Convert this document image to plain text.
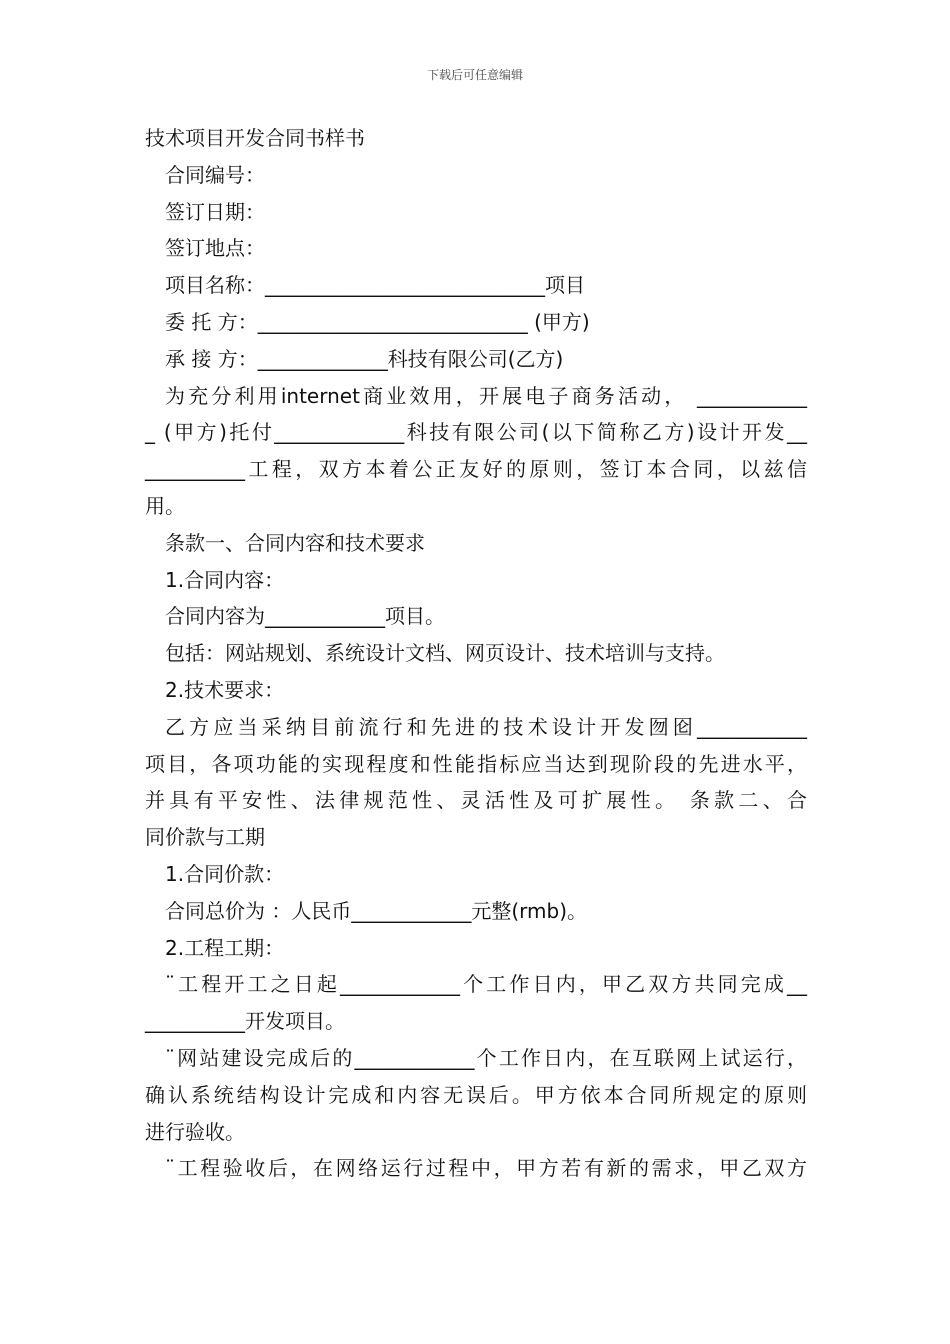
下载后可任意编辑
技术项目开发合同书样书
合同编号：
签订日期：
签订地点：
项目名称：____________________________项目
委 托 方：___________________________ (甲方)
承 接 方：_____________科技有限公司(乙方)
为充分利用internet商业效用，开展电子商务活动， ___________
_ (甲方)托付_____________科技有限公司(以下简称乙方)设计开发__
__________工程，双方本着公正友好的原则，签订本合同，以兹信
用。
条款一、合同内容和技术要求
1.合同内容：
合同内容为____________项目。
包括：网站规划、系统设计文档、网页设计、技术培训与支持。
2.技术要求：
乙方应当采纳目前流行和先进的技术设计开发囫囵___________
项目，各项功能的实现程度和性能指标应当达到现阶段的先进水平，
并具有平安性、法律规范性、灵活性及可扩展性。 条款二、合
同价款与工期
1.合同价款：
合同总价为 ：人民币____________元整(rmb)。
2.工程工期：
¨工程开工之日起____________个工作日内，甲乙双方共同完成__
__________开发项目。
¨网站建设完成后的____________个工作日内，在互联网上试运行，
确认系统结构设计完成和内容无误后。甲方依本合同所规定的原则
进行验收。
¨工程验收后，在网络运行过程中，甲方若有新的需求，甲乙双方
